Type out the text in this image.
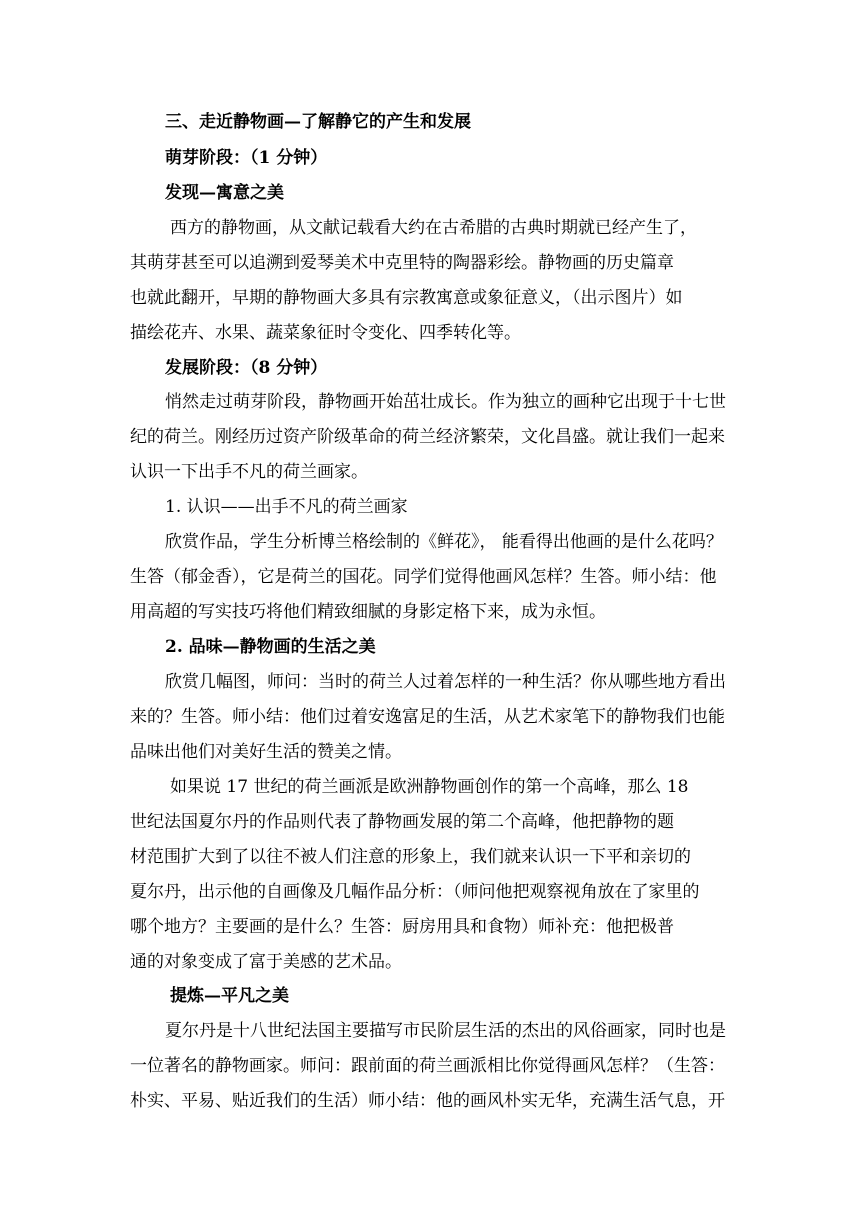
三、走近静物画—了解静它的产生和发展
萌芽阶段：（1 分钟）
发现—寓意之美
西方的静物画，从文献记载看大约在古希腊的古典时期就已经产生了，
其萌芽甚至可以追溯到爱琴美术中克里特的陶器彩绘。静物画的历史篇章
也就此翻开，早期的静物画大多具有宗教寓意或象征意义，（出示图片）如
描绘花卉、水果、蔬菜象征时令变化、四季转化等。
发展阶段：（8 分钟）
悄然走过萌芽阶段，静物画开始茁壮成长。作为独立的画种它出现于十七世
纪的荷兰。刚经历过资产阶级革命的荷兰经济繁荣，文化昌盛。就让我们一起来
认识一下出手不凡的荷兰画家。
1. 认识——出手不凡的荷兰画家
欣赏作品，学生分析博兰格绘制的《鲜花》， 能看得出他画的是什么花吗？
生答（郁金香），它是荷兰的国花。同学们觉得他画风怎样？生答。师小结：他
用高超的写实技巧将他们精致细腻的身影定格下来，成为永恒。
2. 品味—静物画的生活之美
欣赏几幅图，师问：当时的荷兰人过着怎样的一种生活？你从哪些地方看出
来的？生答。师小结：他们过着安逸富足的生活，从艺术家笔下的静物我们也能
品味出他们对美好生活的赞美之情。
如果说 17 世纪的荷兰画派是欧洲静物画创作的第一个高峰，那么 18
世纪法国夏尔丹的作品则代表了静物画发展的第二个高峰，他把静物的题
材范围扩大到了以往不被人们注意的形象上，我们就来认识一下平和亲切的
夏尔丹，出示他的自画像及几幅作品分析：（师问他把观察视角放在了家里的
哪个地方？主要画的是什么？生答：厨房用具和食物）师补充：他把极普
通的对象变成了富于美感的艺术品。
提炼—平凡之美
夏尔丹是十八世纪法国主要描写市民阶层生活的杰出的风俗画家，同时也是
一位著名的静物画家。师问：跟前面的荷兰画派相比你觉得画风怎样？（生答：
朴实、平易、贴近我们的生活）师小结：他的画风朴实无华，充满生活气息，开
